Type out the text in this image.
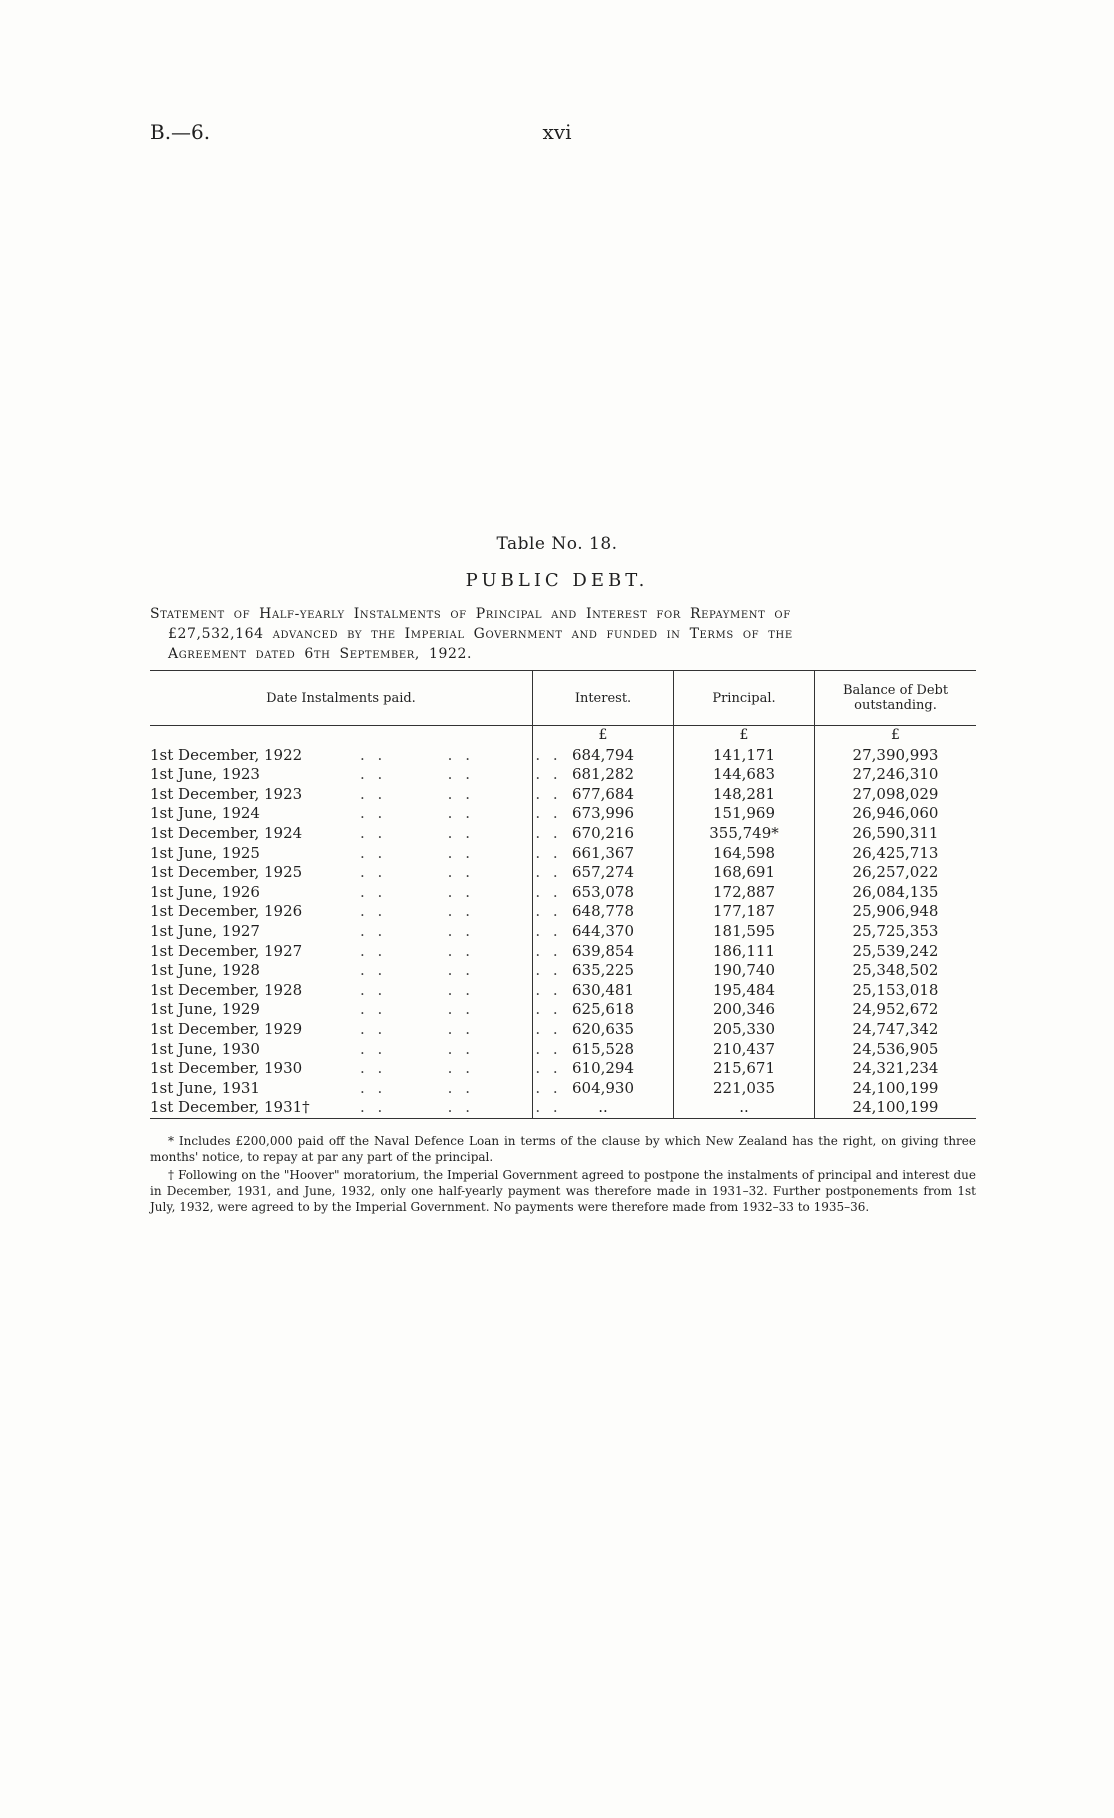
B.—6.	xvi
Table No. 18.
PUBLIC DEBT.
Statement of Half-yearly Instalments of Principal and Interest for Repayment of
£27,532,164 advanced by the Imperial Government and funded in Terms of the
Agreement dated 6th September, 1922.
Date Instalments paid.	Interest.	Principal.	Balance of Debt outstanding.
	£	£	£
1st December, 1922 . .       . .       . .	684,794	141,171	27,390,993
1st June, 1923 . .       . .       . .	681,282	144,683	27,246,310
1st December, 1923 . .       . .       . .	677,684	148,281	27,098,029
1st June, 1924 . .       . .       . .	673,996	151,969	26,946,060
1st December, 1924 . .       . .       . .	670,216	355,749*	26,590,311
1st June, 1925 . .       . .       . .	661,367	164,598	26,425,713
1st December, 1925 . .       . .       . .	657,274	168,691	26,257,022
1st June, 1926 . .       . .       . .	653,078	172,887	26,084,135
1st December, 1926 . .       . .       . .	648,778	177,187	25,906,948
1st June, 1927 . .       . .       . .	644,370	181,595	25,725,353
1st December, 1927 . .       . .       . .	639,854	186,111	25,539,242
1st June, 1928 . .       . .       . .	635,225	190,740	25,348,502
1st December, 1928 . .       . .       . .	630,481	195,484	25,153,018
1st June, 1929 . .       . .       . .	625,618	200,346	24,952,672
1st December, 1929 . .       . .       . .	620,635	205,330	24,747,342
1st June, 1930 . .       . .       . .	615,528	210,437	24,536,905
1st December, 1930 . .       . .       . .	610,294	215,671	24,321,234
1st June, 1931 . .       . .       . .	604,930	221,035	24,100,199
1st December, 1931† . .       . .       . .	..	..	24,100,199

* Includes £200,000 paid off the Naval Defence Loan in terms of the clause by which New Zealand has the right, on giving three months' notice, to repay at par any part of the principal.

† Following on the "Hoover" moratorium, the Imperial Government agreed to postpone the instalments of principal and interest due in December, 1931, and June, 1932, only one half-yearly payment was therefore made in 1931–32. Further postponements from 1st July, 1932, were agreed to by the Imperial Government. No payments were therefore made from 1932–33 to 1935–36.
